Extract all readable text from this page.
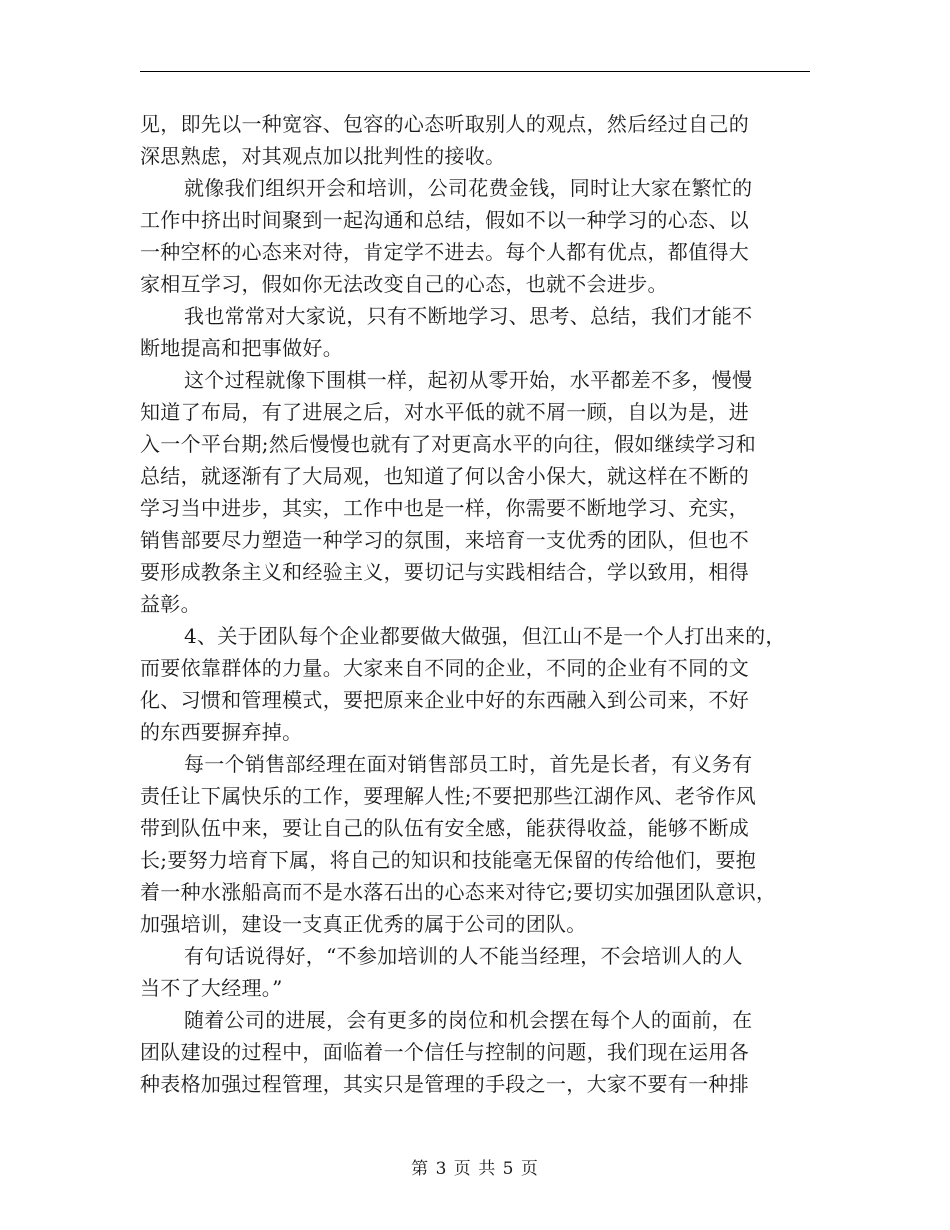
见，即先以一种宽容、包容的心态听取别人的观点，然后经过自己的
深思熟虑，对其观点加以批判性的接收。
就像我们组织开会和培训，公司花费金钱，同时让大家在繁忙的
工作中挤出时间聚到一起沟通和总结，假如不以一种学习的心态、以
一种空杯的心态来对待，肯定学不进去。每个人都有优点，都值得大
家相互学习，假如你无法改变自己的心态，也就不会进步。
我也常常对大家说，只有不断地学习、思考、总结，我们才能不
断地提高和把事做好。
这个过程就像下围棋一样，起初从零开始，水平都差不多，慢慢
知道了布局，有了进展之后，对水平低的就不屑一顾，自以为是，进
入一个平台期;然后慢慢也就有了对更高水平的向往，假如继续学习和
总结，就逐渐有了大局观，也知道了何以舍小保大，就这样在不断的
学习当中进步，其实，工作中也是一样，你需要不断地学习、充实，
销售部要尽力塑造一种学习的氛围，来培育一支优秀的团队，但也不
要形成教条主义和经验主义，要切记与实践相结合，学以致用，相得
益彰。
4、关于团队每个企业都要做大做强，但江山不是一个人打出来的，
而要依靠群体的力量。大家来自不同的企业，不同的企业有不同的文
化、习惯和管理模式，要把原来企业中好的东西融入到公司来，不好
的东西要摒弃掉。
每一个销售部经理在面对销售部员工时，首先是长者，有义务有
责任让下属快乐的工作，要理解人性;不要把那些江湖作风、老爷作风
带到队伍中来，要让自己的队伍有安全感，能获得收益，能够不断成
长;要努力培育下属，将自己的知识和技能毫无保留的传给他们，要抱
着一种水涨船高而不是水落石出的心态来对待它;要切实加强团队意识，
加强培训，建设一支真正优秀的属于公司的团队。
有句话说得好，“不参加培训的人不能当经理，不会培训人的人
当不了大经理。”
随着公司的进展，会有更多的岗位和机会摆在每个人的面前，在
团队建设的过程中，面临着一个信任与控制的问题，我们现在运用各
种表格加强过程管理，其实只是管理的手段之一，大家不要有一种排
第 3 页 共 5 页
